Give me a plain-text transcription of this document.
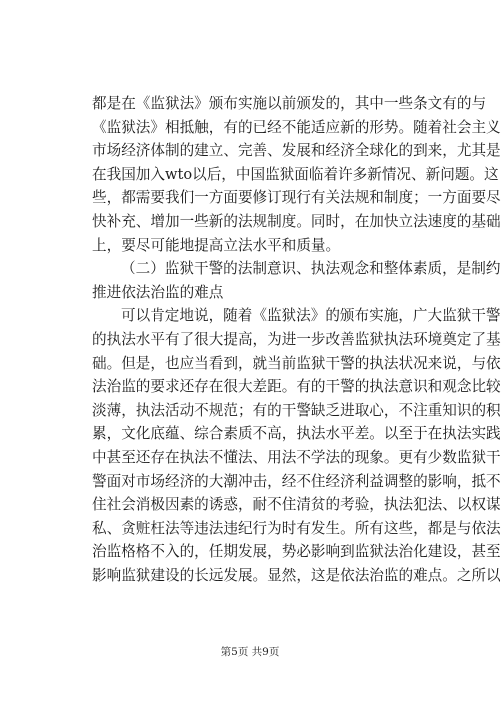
都是在《监狱法》颁布实施以前颁发的，其中一些条文有的与
《监狱法》相抵触，有的已经不能适应新的形势。随着社会主义
市场经济体制的建立、完善、发展和经济全球化的到来，尤其是
在我国加入wto以后，中国监狱面临着许多新情况、新问题。这
些，都需要我们一方面要修订现行有关法规和制度；一方面要尽
快补充、增加一些新的法规制度。同时，在加快立法速度的基础
上，要尽可能地提高立法水平和质量。
（二）监狱干警的法制意识、执法观念和整体素质，是制约
推进依法治监的难点
可以肯定地说，随着《监狱法》的颁布实施，广大监狱干警
的执法水平有了很大提高，为进一步改善监狱执法环境奠定了基
础。但是，也应当看到，就当前监狱干警的执法状况来说，与依
法治监的要求还存在很大差距。有的干警的执法意识和观念比较
淡薄，执法活动不规范；有的干警缺乏进取心，不注重知识的积
累，文化底蕴、综合素质不高，执法水平差。以至于在执法实践
中甚至还存在执法不懂法、用法不学法的现象。更有少数监狱干
警面对市场经济的大潮冲击，经不住经济利益调整的影响，抵不
住社会消极因素的诱惑，耐不住清贫的考验，执法犯法、以权谋
私、贪赃枉法等违法违纪行为时有发生。所有这些，都是与依法
治监格格不入的，任期发展，势必影响到监狱法治化建设，甚至
影响监狱建设的长远发展。显然，这是依法治监的难点。之所以
第5页 共9页
